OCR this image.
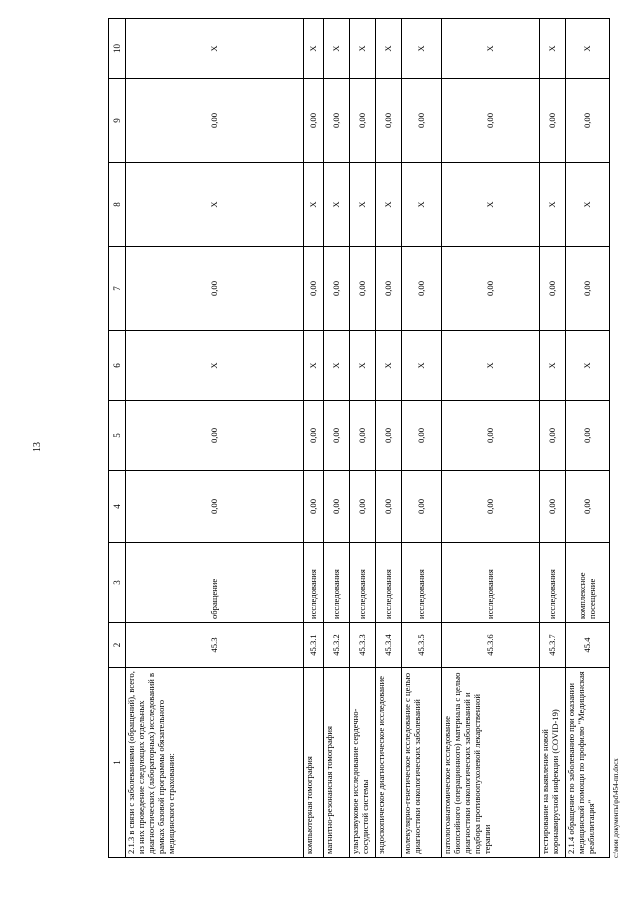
13
1	2	3	4	5	6	7	8	9	10
2.1.3 в связи с заболеваниями (обращений), всего, из них проведение следующих отдельных диагностических (лабораторных) исследований в рамках базовой программы обязательного медицинского страхования:	45.3	обращение	0,00	0,00	X	0,00	X	0,00	X
компьютерная томография	45.3.1	исследования	0,00	0,00	X	0,00	X	0,00	X
магнитно-резонансная томография	45.3.2	исследования	0,00	0,00	X	0,00	X	0,00	X
ультразвуковое исследование сердечно-сосудистой системы	45.3.3	исследования	0,00	0,00	X	0,00	X	0,00	X
эндоскопическое диагностическое исследование	45.3.4	исследования	0,00	0,00	X	0,00	X	0,00	X
молекулярно-генетическое исследование с целью диагностики онкологических заболеваний	45.3.5	исследования	0,00	0,00	X	0,00	X	0,00	X
патологоанатомическое исследование биопсийного (операционного) материала с целью диагностики онкологических заболеваний и подбора противоопухолевой лекарственной терапии	45.3.6	исследования	0,00	0,00	X	0,00	X	0,00	X
тестирование на выявление новой коронавирусной инфекции (COVID-19)	45.3.7	исследования	0,00	0,00	X	0,00	X	0,00	X
2.1.4 обращение по заболеванию при оказании медицинской помощи по профилю "Медицинская реабилитация"	45.4	комплексное посещение	0,00	0,00	X	0,00	X	0,00	X
c:\мои документы\pd\454-пп.docx
